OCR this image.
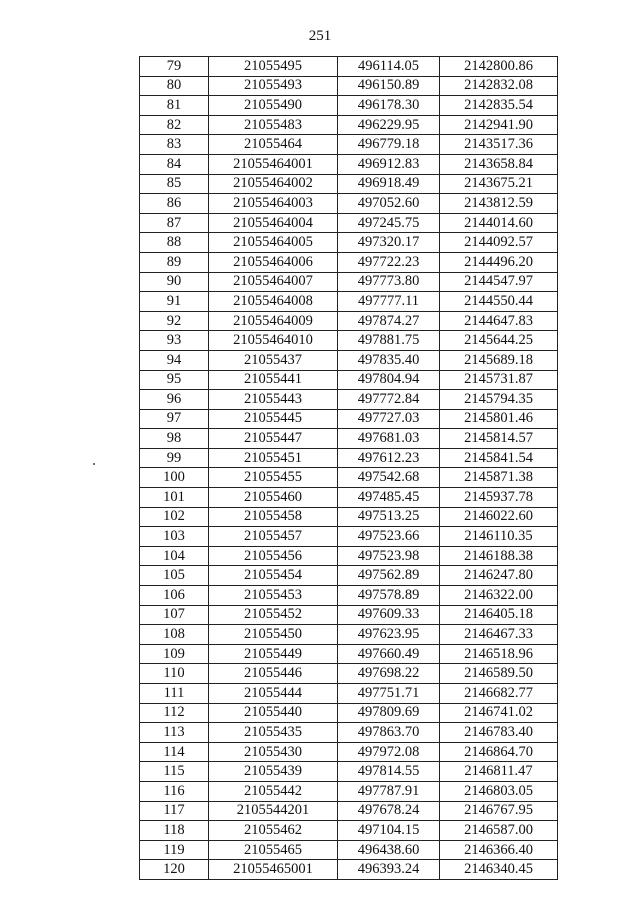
251
79	21055495	496114.05	2142800.86
80	21055493	496150.89	2142832.08
81	21055490	496178.30	2142835.54
82	21055483	496229.95	2142941.90
83	21055464	496779.18	2143517.36
84	21055464001	496912.83	2143658.84
85	21055464002	496918.49	2143675.21
86	21055464003	497052.60	2143812.59
87	21055464004	497245.75	2144014.60
88	21055464005	497320.17	2144092.57
89	21055464006	497722.23	2144496.20
90	21055464007	497773.80	2144547.97
91	21055464008	497777.11	2144550.44
92	21055464009	497874.27	2144647.83
93	21055464010	497881.75	2145644.25
94	21055437	497835.40	2145689.18
95	21055441	497804.94	2145731.87
96	21055443	497772.84	2145794.35
97	21055445	497727.03	2145801.46
98	21055447	497681.03	2145814.57
99	21055451	497612.23	2145841.54
100	21055455	497542.68	2145871.38
101	21055460	497485.45	2145937.78
102	21055458	497513.25	2146022.60
103	21055457	497523.66	2146110.35
104	21055456	497523.98	2146188.38
105	21055454	497562.89	2146247.80
106	21055453	497578.89	2146322.00
107	21055452	497609.33	2146405.18
108	21055450	497623.95	2146467.33
109	21055449	497660.49	2146518.96
110	21055446	497698.22	2146589.50
111	21055444	497751.71	2146682.77
112	21055440	497809.69	2146741.02
113	21055435	497863.70	2146783.40
114	21055430	497972.08	2146864.70
115	21055439	497814.55	2146811.47
116	21055442	497787.91	2146803.05
117	2105544201	497678.24	2146767.95
118	21055462	497104.15	2146587.00
119	21055465	496438.60	2146366.40
120	21055465001	496393.24	2146340.45
